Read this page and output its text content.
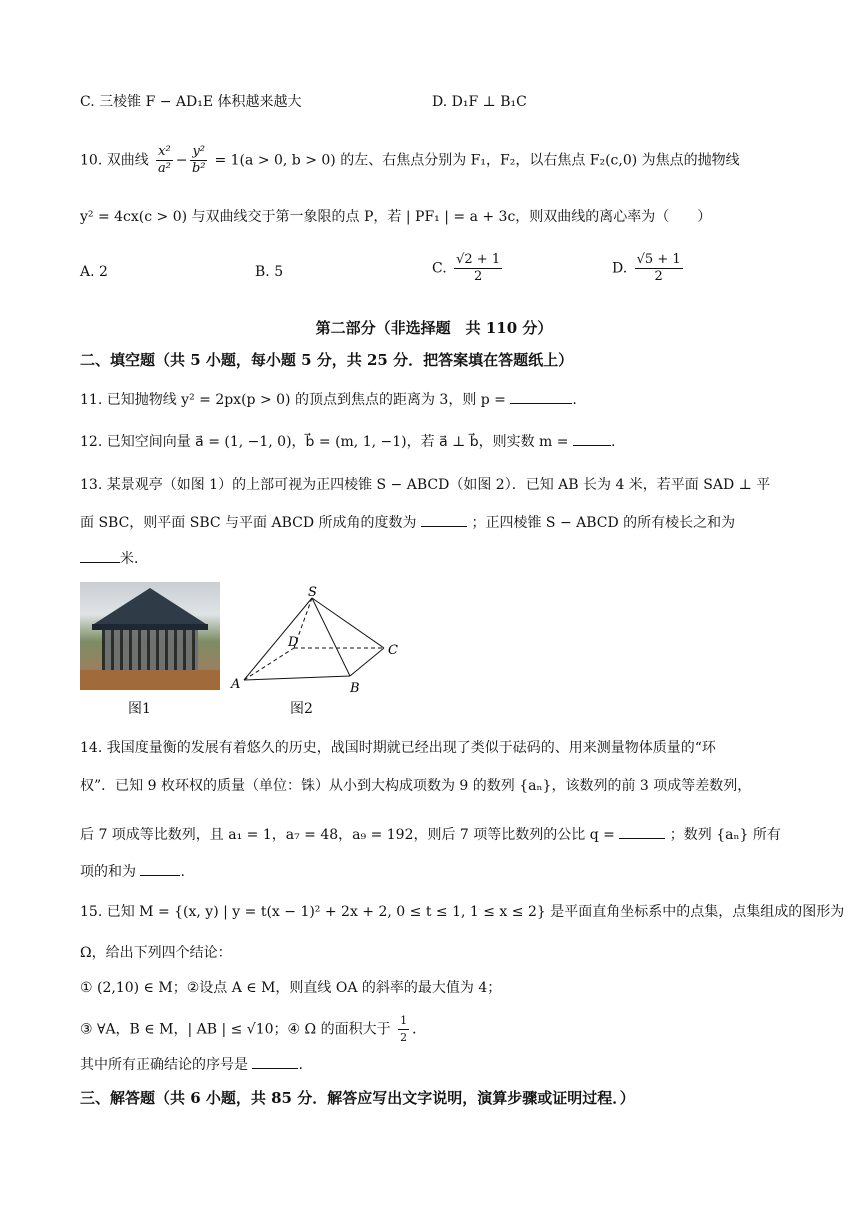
C. 三棱锥 F − AD₁E 体积越来越大	D. D₁F ⊥ B₁C
10. 双曲线 $\frac{\text{x²}}{\text{a²}} - \frac{\text{y²}}{\text{b²}} = 1(a > 0$, b > 0) 的左、右焦点分别为 F₁，F₂，以右焦点 F₂(c,0) 为焦点的抛物线
y² = 4cx(c > 0) 与双曲线交于第一象限的点 P，若 | PF₁ | = a + 3c，则双曲线的离心率为（　　）
A. 2	B. 5	C. $\frac{√2 + 1}{2}$	D. $\frac{√5 + 1}{2}$
第二部分（非选择题　共 110 分）
二、填空题（共 5 小题，每小题 5 分，共 25 分．把答案填在答题纸上）
11. 已知抛物线 y² = 2px(p > 0) 的顶点到焦点的距离为 3，则 p =	.
12. 已知空间向量 a⃗ = (1, −1, 0)，b⃗ = (m, 1, −1)，若 a⃗ ⊥ b⃗，则实数 m =	.
13. 某景观亭（如图 1）的上部可视为正四棱锥 S − ABCD（如图 2）．已知 AB 长为 4 米，若平面 SAD ⊥ 平
面 SBC，则平面 SBC 与平面 ABCD 所成角的度数为	；正四棱锥 S − ABCD 的所有棱长之和为
米．
图1
S
D
C
A	B
图2
14. 我国度量衡的发展有着悠久的历史，战国时期就已经出现了类似于砝码的、用来测量物体质量的“环
权”．已知 9 枚环权的质量（单位：铢）从小到大构成项数为 9 的数列 {aₙ}，该数列的前 3 项成等差数列，
后 7 项成等比数列，且 a₁ = 1，a₇ = 48，a₉ = 192，则后 7 项等比数列的公比 q =	；数列 {aₙ} 所有
项的和为	.
15. 已知 M = {(x, y) | y = t(x − 1)² + 2x + 2, 0 ≤ t ≤ 1, 1 ≤ x ≤ 2} 是平面直角坐标系中的点集，点集组成的图形为
Ω，给出下列四个结论：
① (2,10) ∈ M；②设点 A ∈ M，则直线 OA 的斜率的最大值为 4；
③ ∀A，B ∈ M，| AB | ≤ √10；④ Ω 的面积大于 $\frac{1}{2}$ ．
其中所有正确结论的序号是	.
三、解答题（共 6 小题，共 85 分．解答应写出文字说明，演算步骤或证明过程．）
